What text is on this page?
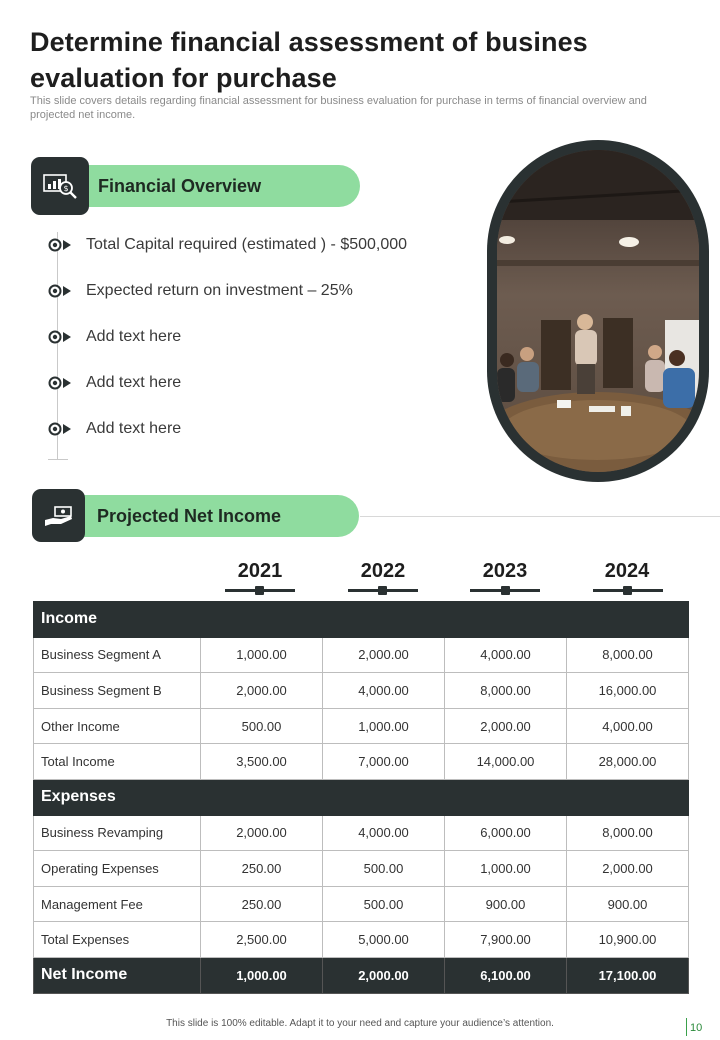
Determine financial assessment of busines evaluation for purchase
This slide covers details regarding financial assessment for business evaluation for purchase in terms of financial overview and projected net income.
$ Financial Overview
Total Capital required (estimated ) - $500,000
Expected return on investment – 25%
Add text here
Add text here
Add text here
Projected Net Income
2021	2022	2023	2024
Income				
Business Segment A	1,000.00	2,000.00	4,000.00	8,000.00
Business Segment B	2,000.00	4,000.00	8,000.00	16,000.00
Other Income	500.00	1,000.00	2,000.00	4,000.00
Total Income	3,500.00	7,000.00	14,000.00	28,000.00
Expenses				
Business Revamping	2,000.00	4,000.00	6,000.00	8,000.00
Operating Expenses	250.00	500.00	1,000.00	2,000.00
Management Fee	250.00	500.00	900.00	900.00
Total Expenses	2,500.00	5,000.00	7,900.00	10,900.00
Net Income	1,000.00	2,000.00	6,100.00	17,100.00
This slide is 100% editable. Adapt it to your need and capture your audience’s attention.	10
